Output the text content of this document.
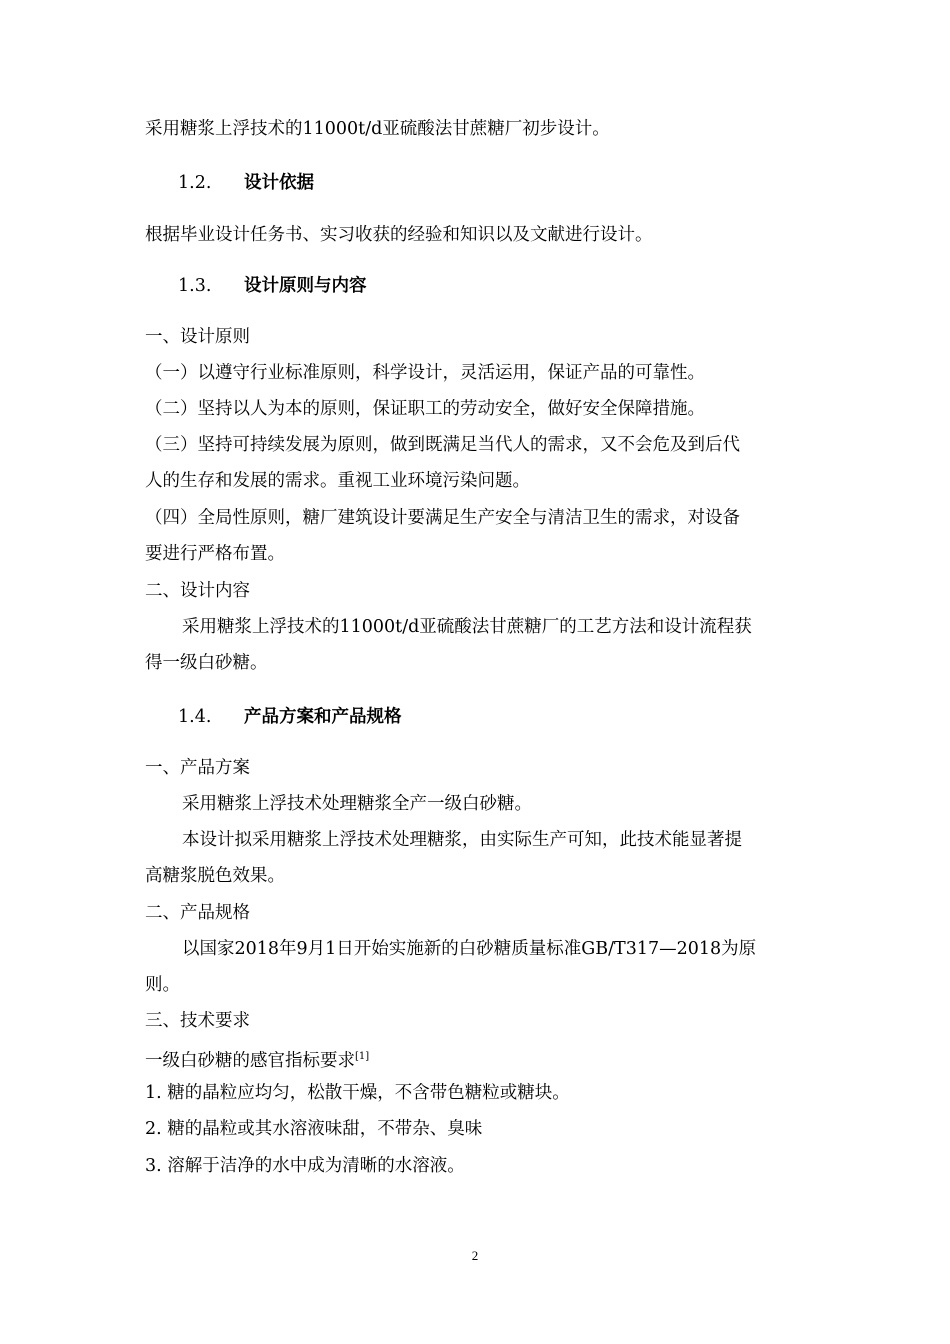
采用糖浆上浮技术的11000t/d亚硫酸法甘蔗糖厂初步设计。
1.2. 设计依据
根据毕业设计任务书、实习收获的经验和知识以及文献进行设计。
1.3. 设计原则与内容
一、设计原则
（一）以遵守行业标准原则，科学设计，灵活运用，保证产品的可靠性。
（二）坚持以人为本的原则，保证职工的劳动安全，做好安全保障措施。
（三）坚持可持续发展为原则，做到既满足当代人的需求，又不会危及到后代
人的生存和发展的需求。重视工业环境污染问题。
（四）全局性原则，糖厂建筑设计要满足生产安全与清洁卫生的需求，对设备
要进行严格布置。
二、设计内容
采用糖浆上浮技术的11000t/d亚硫酸法甘蔗糖厂的工艺方法和设计流程获
得一级白砂糖。
1.4. 产品方案和产品规格
一、产品方案
采用糖浆上浮技术处理糖浆全产一级白砂糖。
本设计拟采用糖浆上浮技术处理糖浆，由实际生产可知，此技术能显著提
高糖浆脱色效果。
二、产品规格
以国家2018年9月1日开始实施新的白砂糖质量标准GB/T317—2018为原
则。
三、技术要求
一级白砂糖的感官指标要求[1]
1. 糖的晶粒应均匀，松散干燥，不含带色糖粒或糖块。
2. 糖的晶粒或其水溶液味甜，不带杂、臭味
3. 溶解于洁净的水中成为清晰的水溶液。
2
